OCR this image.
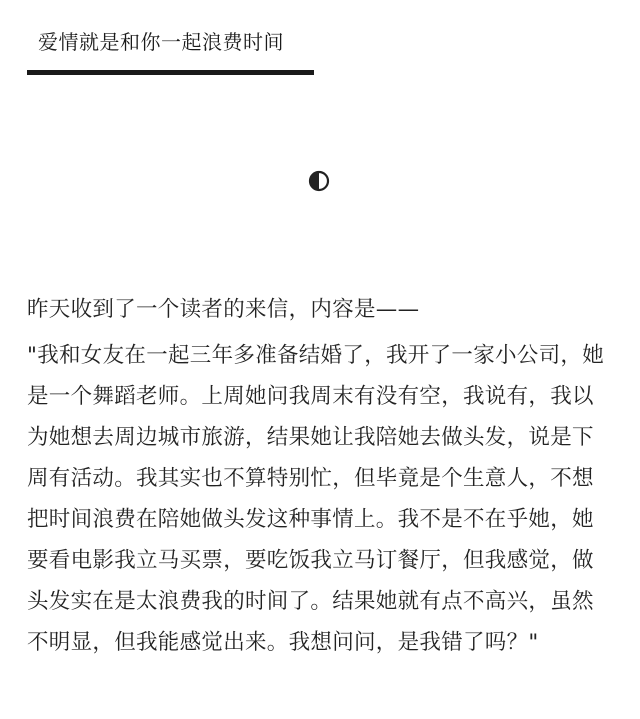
爱情就是和你一起浪费时间
昨天收到了一个读者的来信，内容是——
"我和女友在一起三年多准备结婚了，我开了一家小公司，她
是一个舞蹈老师。上周她问我周末有没有空，我说有，我以
为她想去周边城市旅游，结果她让我陪她去做头发，说是下
周有活动。我其实也不算特别忙，但毕竟是个生意人，不想
把时间浪费在陪她做头发这种事情上。我不是不在乎她，她
要看电影我立马买票，要吃饭我立马订餐厅，但我感觉，做
头发实在是太浪费我的时间了。结果她就有点不高兴，虽然
不明显，但我能感觉出来。我想问问，是我错了吗？"
